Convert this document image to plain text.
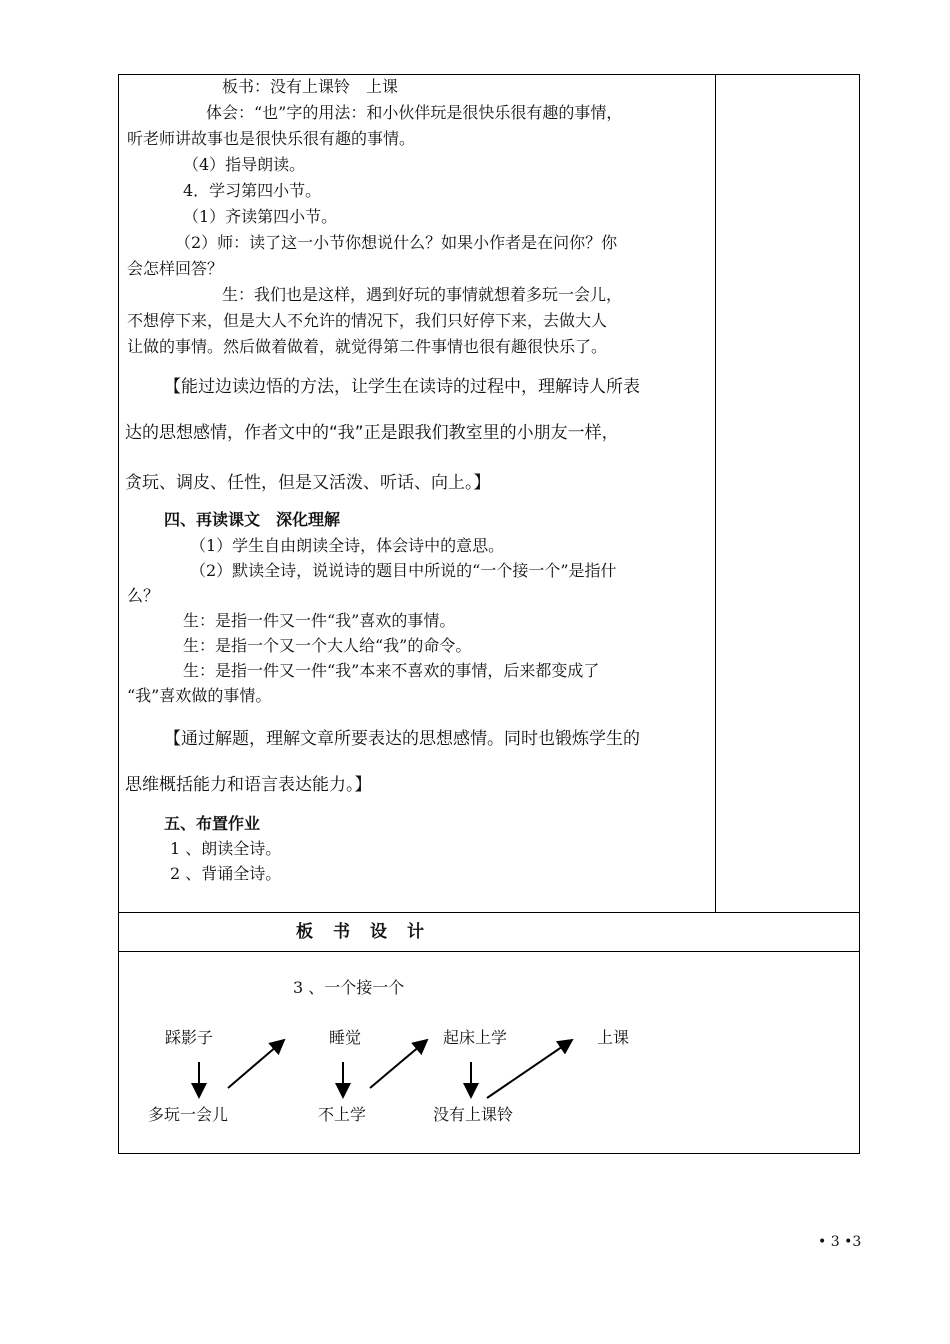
板书：没有上课铃　上课
体会：“也”字的用法：和小伙伴玩是很快乐很有趣的事情，
听老师讲故事也是很快乐很有趣的事情。
（4）指导朗读。
4．学习第四小节。
（1）齐读第四小节。
（2）师：读了这一小节你想说什么？如果小作者是在问你？你
会怎样回答？
生：我们也是这样，遇到好玩的事情就想着多玩一会儿，
不想停下来，但是大人不允许的情况下，我们只好停下来，去做大人
让做的事情。然后做着做着，就觉得第二件事情也很有趣很快乐了。
【能过边读边悟的方法，让学生在读诗的过程中，理解诗人所表
达的思想感情，作者文中的“我”正是跟我们教室里的小朋友一样，
贪玩、调皮、任性，但是又活泼、听话、向上。】
四、再读课文　深化理解
（1）学生自由朗读全诗，体会诗中的意思。
（2）默读全诗，说说诗的题目中所说的“一个接一个”是指什
么？
生：是指一件又一件“我”喜欢的事情。
生：是指一个又一个大人给“我”的命令。
生：是指一件又一件“我”本来不喜欢的事情，后来都变成了
“我”喜欢做的事情。
【通过解题，理解文章所要表达的思想感情。同时也锻炼学生的
思维概括能力和语言表达能力。】
五、布置作业
1 、朗读全诗。
2 、背诵全诗。
板书设计
3 、一个接一个
踩影子	睡觉	起床上学	上课
多玩一会儿	不上学	没有上课铃
• 3 •3
